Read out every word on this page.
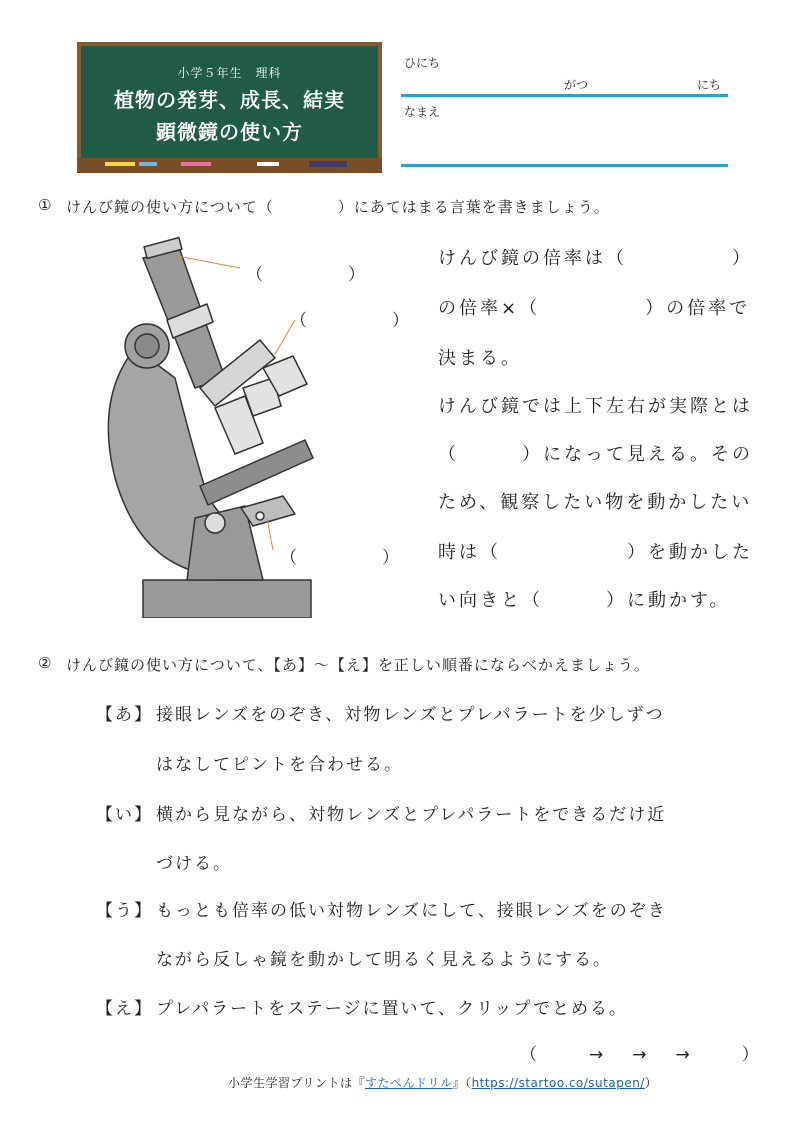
小学５年生　理科
植物の発芽、成長、結実
顕微鏡の使い方
ひにち
がつ	にち
なまえ
① けんび鏡の使い方について（　　　　）にあてはまる言葉を書きましょう。
（　　　　　）
（　　　　　）
（　　　　　）
けんび鏡の倍率は（　　　　　）
の倍率×（　　　　　）の倍率で
決まる。
けんび鏡では上下左右が実際とは
（　　　）になって見える。その
ため、観察したい物を動かしたい
時は（　　　　　　）を動かした
い向きと（　　　）に動かす。
② けんび鏡の使い方について、【あ】～【え】を正しい順番にならべかえましょう。
【あ】 接眼レンズをのぞき、対物レンズとプレパラートを少しずつ
はなしてピントを合わせる。
【い】 横から見ながら、対物レンズとプレパラートをできるだけ近
づける。
【う】 もっとも倍率の低い対物レンズにして、接眼レンズをのぞき
ながら反しゃ鏡を動かして明るく見えるようにする。
【え】 プレパラートをステージに置いて、クリップでとめる。
（　　→　→　→　　）
小学生学習プリントは『すたぺんドリル』（https://startoo.co/sutapen/）
